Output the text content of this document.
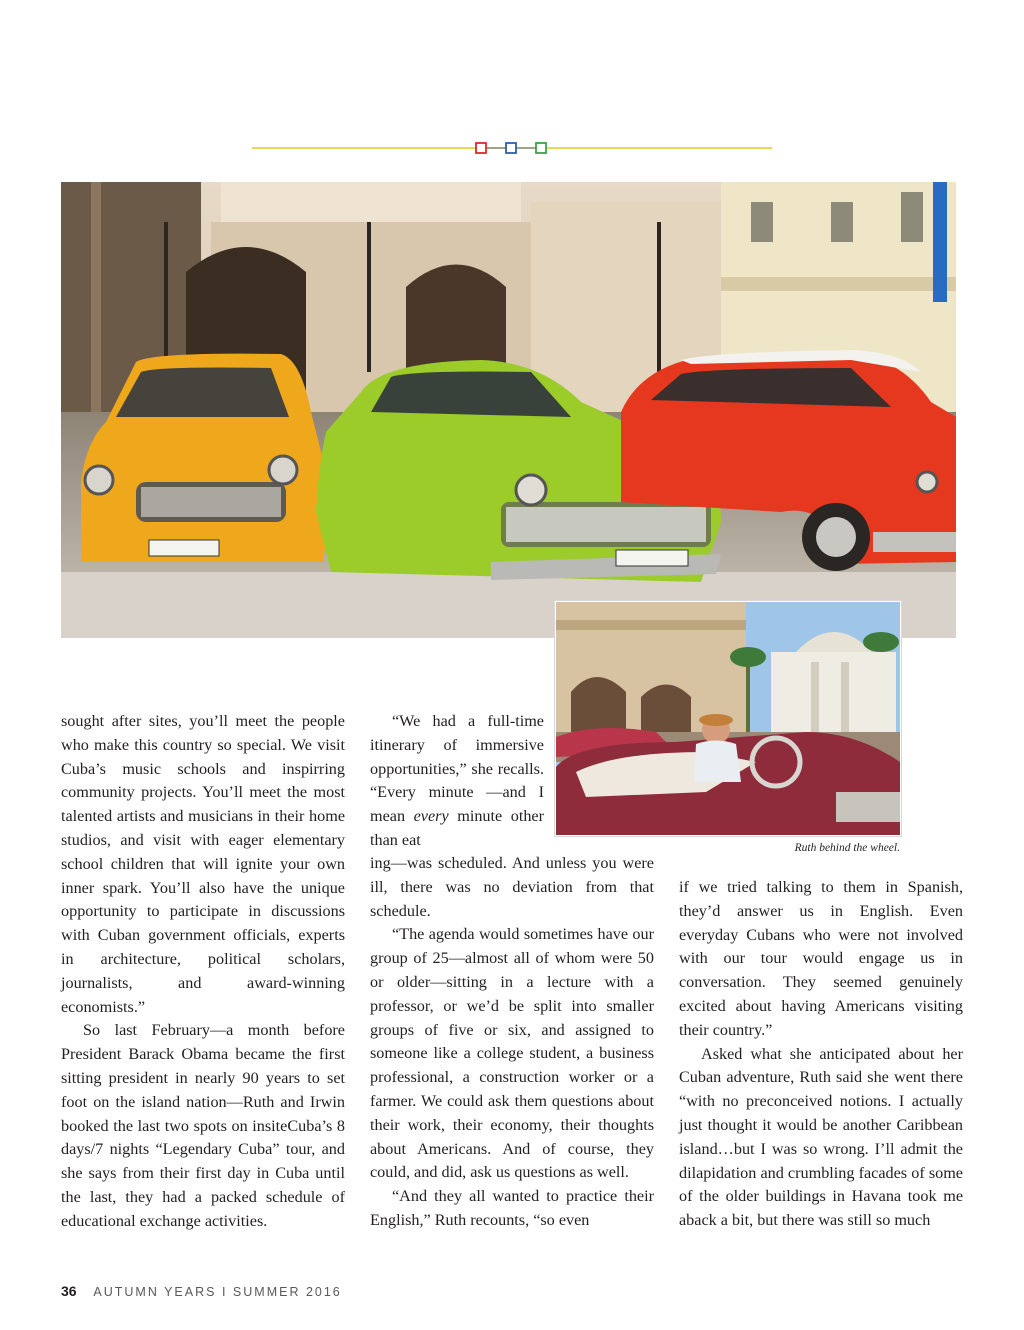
Ruth behind the wheel.

sought after sites, you’ll meet the people who make this country so special. We visit Cuba’s music schools and inspirring community projects. You’ll meet the most talented artists and musicians in their home studios, and visit with eager elementary school children that will ignite your own inner spark. You’ll also have the unique opportunity to participate in discussions with Cuban government officials, experts in architecture, political scholars, journalists, and award-winning economists.”

So last February—a month before President Barack Obama became the first sitting president in nearly 90 years to set foot on the island nation—Ruth and Irwin booked the last two spots on insiteCuba’s 8 days/7 nights “Legendary Cuba” tour, and she says from their first day in Cuba until the last, they had a packed schedule of educational exchange activities.

“We had a full-time itinerary of immersive opportunities,” she recalls. “Every minute —and I mean every minute other than eat

ing—was scheduled. And unless you were ill, there was no deviation from that schedule.

“The agenda would sometimes have our group of 25—almost all of whom were 50 or older—sitting in a lecture with a professor, or we’d be split into smaller groups of five or six, and assigned to someone like a college student, a business professional, a construction worker or a farmer. We could ask them questions about their work, their economy, their thoughts about Americans. And of course, they could, and did, ask us questions as well.

“And they all wanted to practice their English,” Ruth recounts, “so even

if we tried talking to them in Spanish, they’d answer us in English. Even everyday Cubans who were not involved with our tour would engage us in conversation. They seemed genuinely excited about having Americans visiting their country.”

Asked what she anticipated about her Cuban adventure, Ruth said she went there “with no preconceived notions. I actually just thought it would be another Caribbean island…but I was so wrong. I’ll admit the dilapidation and crumbling facades of some of the older buildings in Havana took me aback a bit, but there was still so much

36 AUTUMN YEARS I SUMMER 2016
